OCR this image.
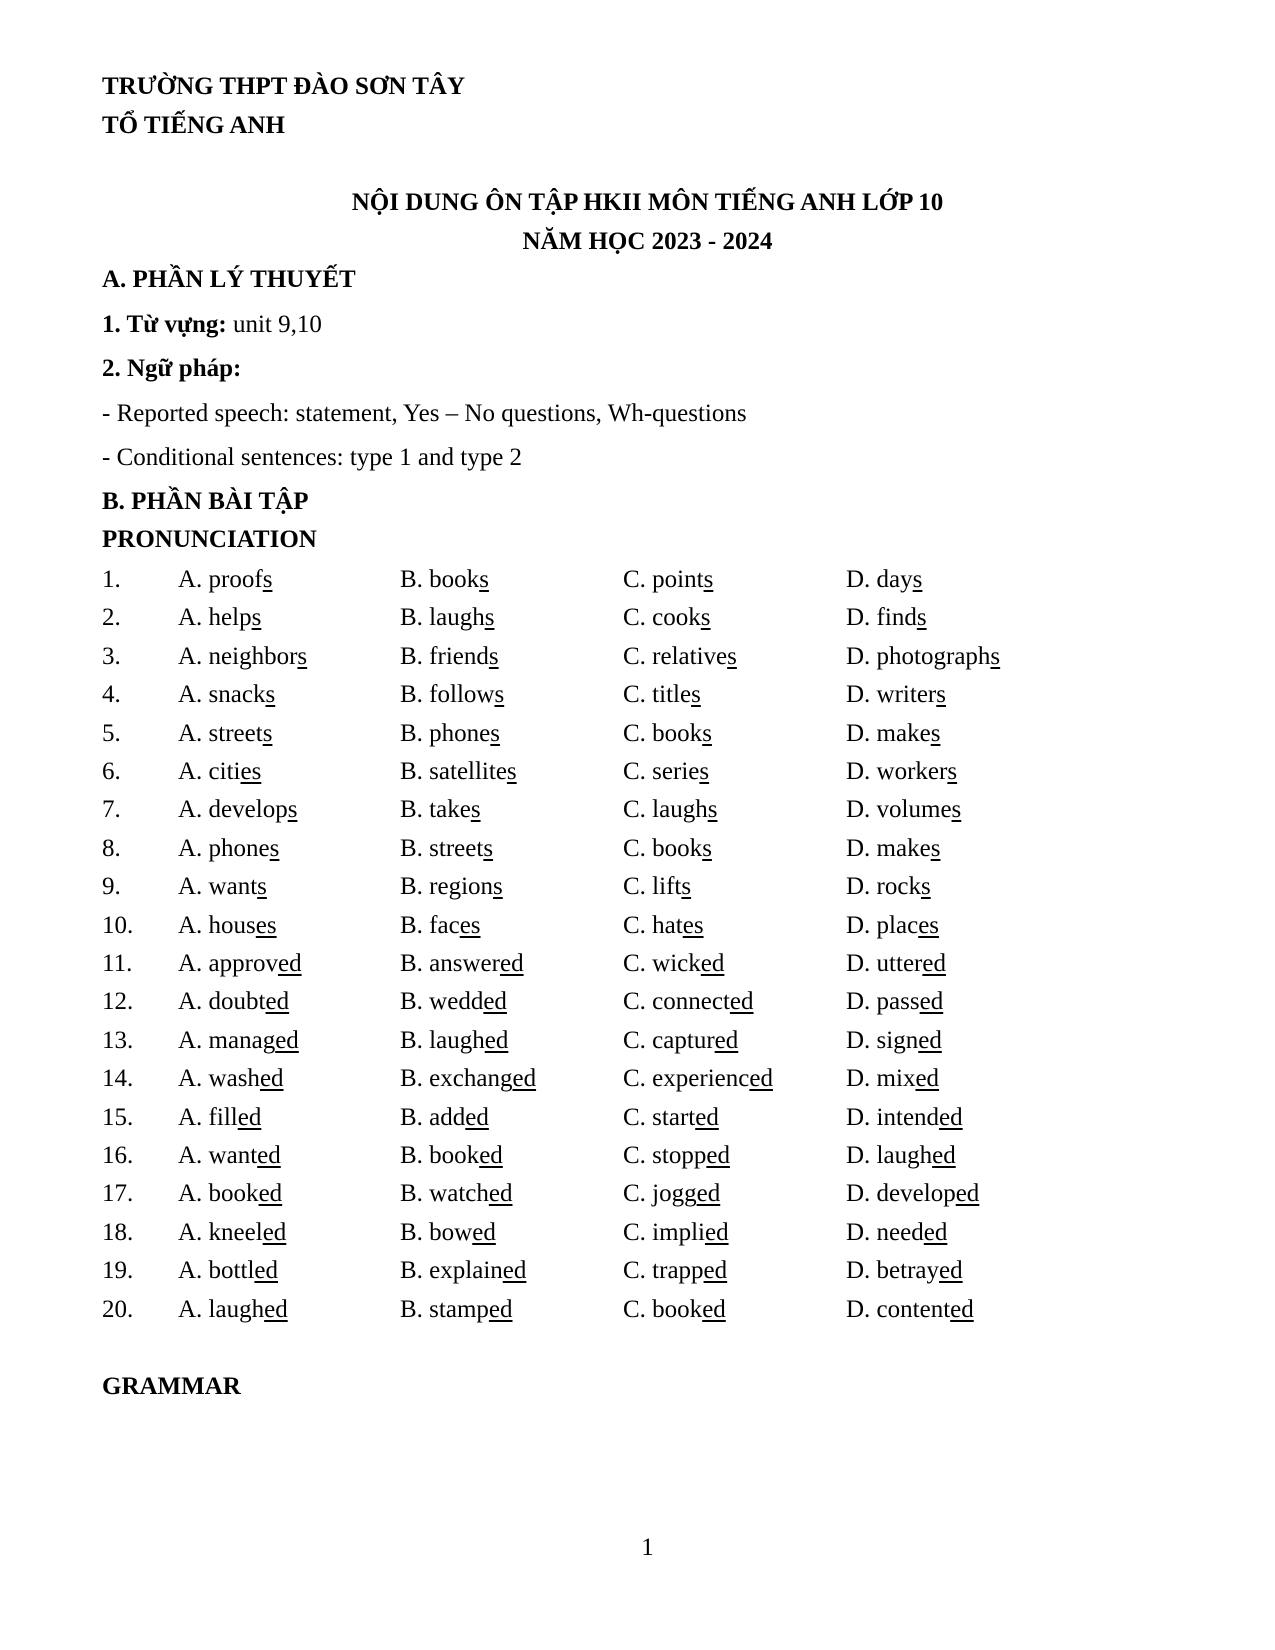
TRƯỜNG THPT ĐÀO SƠN TÂY
TỔ TIẾNG ANH
NỘI DUNG ÔN TẬP HKII MÔN TIẾNG ANH LỚP 10
NĂM HỌC 2023 - 2024
A. PHẦN LÝ THUYẾT
1. Từ vựng: unit 9,10
2. Ngữ pháp:
- Reported speech: statement, Yes – No questions, Wh-questions
- Conditional sentences: type 1 and type 2
B. PHẦN BÀI TẬP
PRONUNCIATION
1. A. proofs	B. books	C. points	D. days
2. A. helps	B. laughs	C. cooks	D. finds
3. A. neighbors	B. friends	C. relatives	D. photographs
4. A. snacks	B. follows	C. titles	D. writers
5. A. streets	B. phones	C. books	D. makes
6. A. cities	B. satellites	C. series	D. workers
7. A. develops	B. takes	C. laughs	D. volumes
8. A. phones	B. streets	C. books	D. makes
9. A. wants	B. regions	C. lifts	D. rocks
10. A. houses	B. faces	C. hates	D. places
11. A. approved	B. answered	C. wicked	D. uttered
12. A. doubted	B. wedded	C. connected	D. passed
13. A. managed	B. laughed	C. captured	D. signed
14. A. washed	B. exchanged	C. experienced	D. mixed
15. A. filled	B. added	C. started	D. intended
16. A. wanted	B. booked	C. stopped	D. laughed
17. A. booked	B. watched	C. jogged	D. developed
18. A. kneeled	B. bowed	C. implied	D. needed
19. A. bottled	B. explained	C. trapped	D. betrayed
20. A. laughed	B. stamped	C. booked	D. contented
GRAMMAR
1
